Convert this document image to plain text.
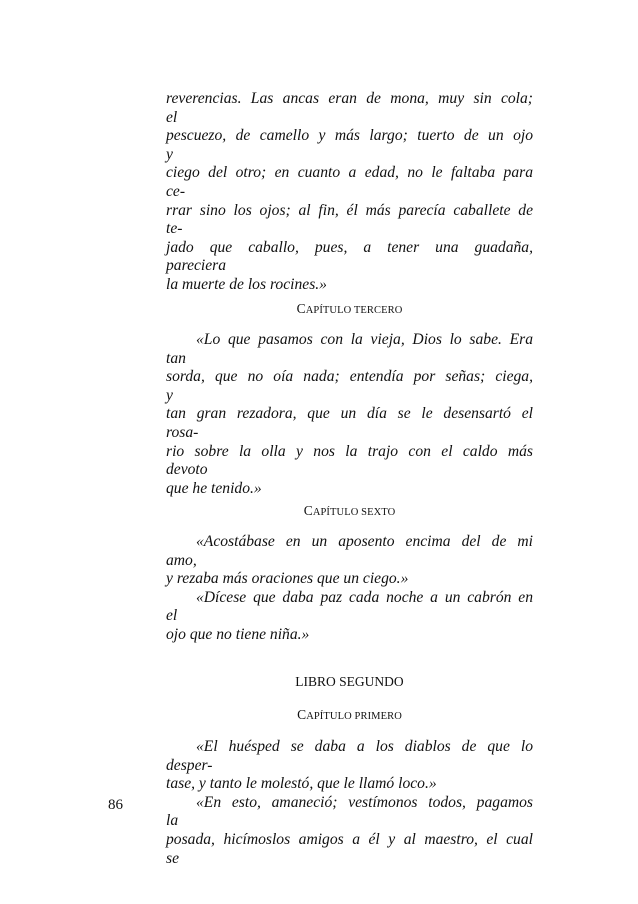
reverencias. Las ancas eran de mona, muy sin cola;
el
pescuezo, de camello y más largo; tuerto de un ojo
y
ciego del otro; en cuanto a edad, no le faltaba para
ce-
rrar sino los ojos; al fin, él más parecía caballete de
te-
jado que caballo, pues, a tener una guadaña,
pareciera
la muerte de los rocines.»
CAPÍTULO TERCERO
«Lo que pasamos con la vieja, Dios lo sabe. Era
tan
sorda, que no oía nada; entendía por señas; ciega,
y
tan gran rezadora, que un día se le desensartó el
rosa-
rio sobre la olla y nos la trajo con el caldo más
devoto
que he tenido.»
CAPÍTULO SEXTO
«Acostábase en un aposento encima del de mi
amo,
y rezaba más oraciones que un ciego.»
«Dícese que daba paz cada noche a un cabrón en
el
ojo que no tiene niña.»
LIBRO SEGUNDO
CAPÍTULO PRIMERO
«El huésped se daba a los diablos de que lo
desper-
tase, y tanto le molestó, que le llamó loco.»
«En esto, amaneció; vestímonos todos, pagamos
la
posada, hicímoslos amigos a él y al maestro, el cual
se
86
